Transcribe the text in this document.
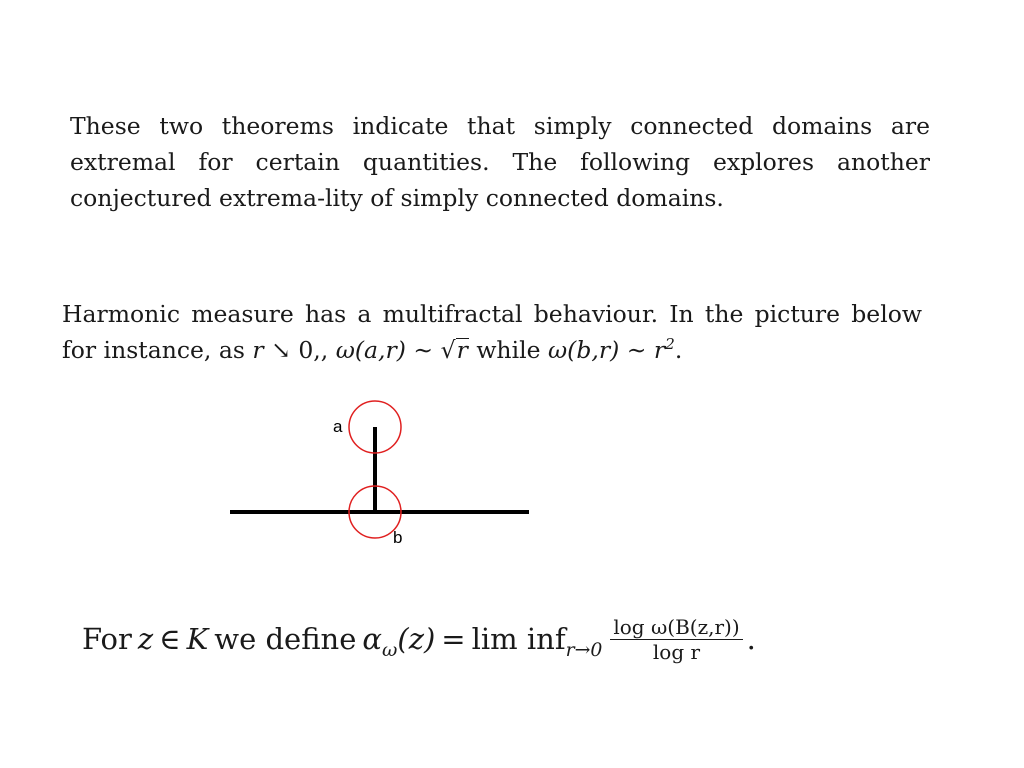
These two theorems indicate that simply connected domains are extremal for certain quantities. The following explores another conjectured extrema-lity of simply connected domains.
Harmonic measure has a multifractal behaviour. In the picture below for instance, as r ↘ 0,, ω(a,r) ∼ √r while ω(b,r) ∼ $r^2$.
a
b
For z ∈ K we define $\alpha_\omega(z) = \lim inf_{r\to 0} \frac{\text{log ω(B(z,r))}}{\text{log r}}$ .
